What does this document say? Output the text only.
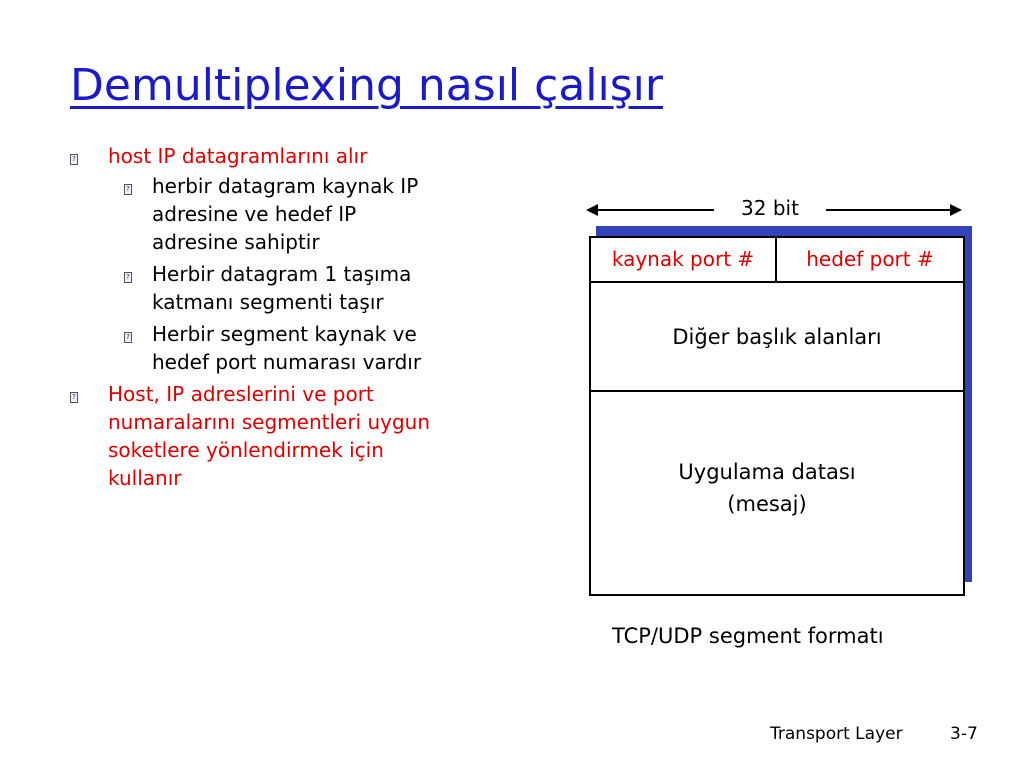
Demultiplexing nasıl çalışır
? host IP datagramlarını alır
? herbir datagram kaynak IP
adresine ve hedef IP
adresine sahiptir
? Herbir datagram 1 taşıma
katmanı segmenti taşır
? Herbir segment kaynak ve
hedef port numarası vardır
? Host, IP adreslerini ve port
numaralarını segmentleri uygun
soketlere yönlendirmek için
kullanır
32 bit
kaynak port #	hedef port #
Diğer başlık alanları
Uygulama datası
(mesaj)
TCP/UDP segment formatı
Transport Layer	3-7
